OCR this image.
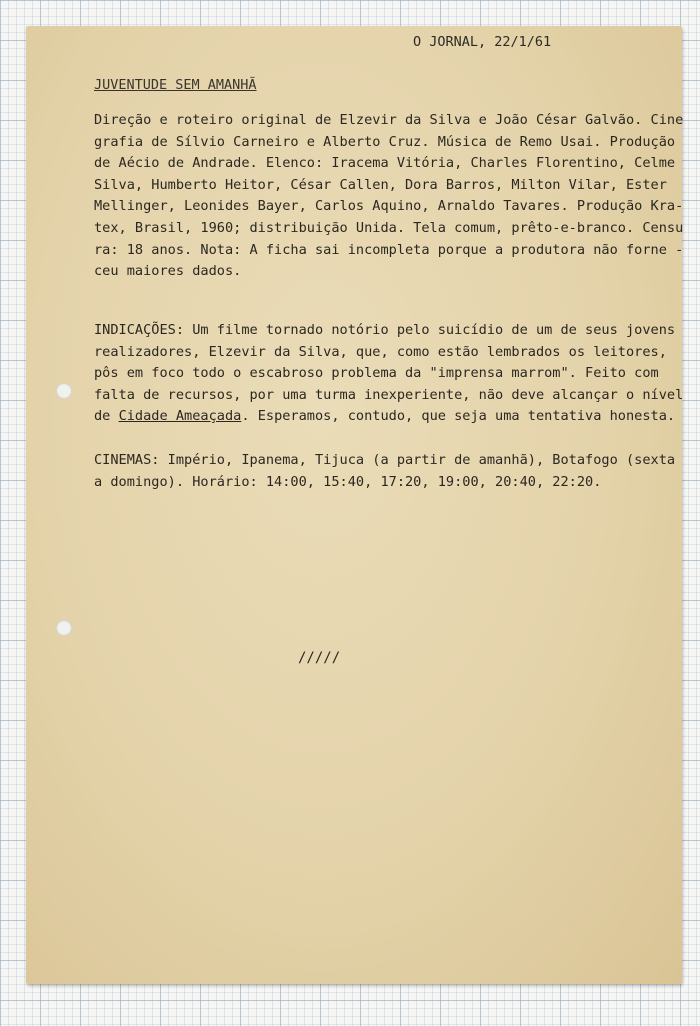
O JORNAL, 22/1/61
JUVENTUDE SEM AMANHÃ

Direção e roteiro original de Elzevir da Silva e João César Galvão. Cine
grafia de Sílvio Carneiro e Alberto Cruz. Música de Remo Usai. Produção
de Aécio de Andrade. Elenco: Iracema Vitória, Charles Florentino, Celme
Silva, Humberto Heitor, César Callen, Dora Barros, Milton Vilar, Ester
Mellinger, Leonides Bayer, Carlos Aquino, Arnaldo Tavares. Produção Kra-
tex, Brasil, 1960; distribuição Unida. Tela comum, prêto-e-branco. Censu
ra: 18 anos. Nota: A ficha sai incompleta porque a produtora não forne -
ceu maiores dados.

INDICAÇÕES: Um filme tornado notório pelo suicídio de um de seus jovens
realizadores, Elzevir da Silva, que, como estão lembrados os leitores,
pôs em foco todo o escabroso problema da "imprensa marrom". Feito com
falta de recursos, por uma turma inexperiente, não deve alcançar o nível
de Cidade Ameaçada. Esperamos, contudo, que seja uma tentativa honesta.

CINEMAS: Império, Ipanema, Tijuca (a partir de amanhã), Botafogo (sexta
a domingo). Horário: 14:00, 15:40, 17:20, 19:00, 20:40, 22:20.

/////
